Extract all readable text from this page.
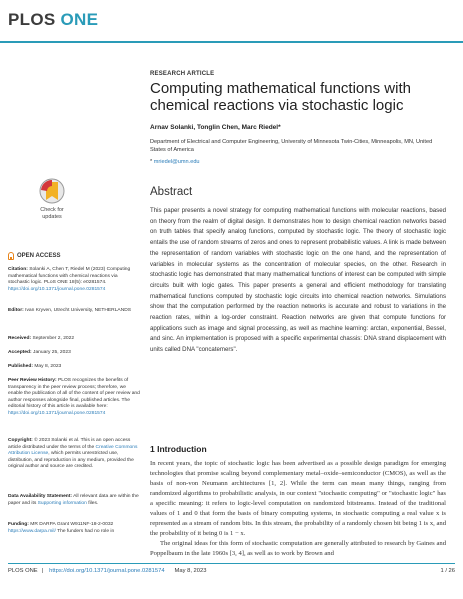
PLOS ONE
RESEARCH ARTICLE
Computing mathematical functions with chemical reactions via stochastic logic
Arnav Solanki, Tonglin Chen, Marc Riedel*
Department of Electrical and Computer Engineering, University of Minnesota Twin-Cities, Minneapolis, MN, United States of America
* mriedel@umn.edu
Abstract
This paper presents a novel strategy for computing mathematical functions with molecular reactions, based on theory from the realm of digital design. It demonstrates how to design chemical reaction networks based on truth tables that specify analog functions, computed by stochastic logic. The theory of stochastic logic entails the use of random streams of zeros and ones to represent probabilistic values. A link is made between the representation of random variables with stochastic logic on the one hand, and the representation of variables in molecular systems as the concentration of molecular species, on the other. Research in stochastic logic has demonstrated that many mathematical functions of interest can be computed with simple circuits built with logic gates. This paper presents a general and efficient methodology for translating mathematical functions computed by stochastic logic circuits into chemical reaction networks. Simulations show that the computation performed by the reaction networks is accurate and robust to variations in the reaction rates, within a log-order constraint. Reaction networks are given that compute functions for applications such as image and signal processing, as well as machine learning: arctan, exponential, Bessel, and sinc. An implementation is proposed with a specific experimental chassis: DNA strand displacement with units called DNA "concatemers".
Check for
updates
OPEN ACCESS
Citation: Solanki A, Chen T, Riedel M (2023) Computing mathematical functions with chemical reactions via stochastic logic. PLoS ONE 18(5): e0281574. https://doi.org/10.1371/journal.pone.0281574
Editor: Ivan Kryven, Utrecht University, NETHERLANDS
Received: September 2, 2022
Accepted: January 25, 2023
Published: May 8, 2023
Peer Review History: PLOS recognizes the benefits of transparency in the peer review process; therefore, we enable the publication of all of the content of peer review and author responses alongside final, published articles. The editorial history of this article is available here: https://doi.org/10.1371/journal.pone.0281574
Copyright: © 2023 Solanki et al. This is an open access article distributed under the terms of the Creative Commons Attribution License, which permits unrestricted use, distribution, and reproduction in any medium, provided the original author and source are credited.
Data Availability Statement: All relevant data are within the paper and its Supporting information files.
Funding: MR DARPA Grant W911NF-18-2-0032 https://www.darpa.mil/ The funders had no role in
1 Introduction

In recent years, the topic of stochastic logic has been advertised as a possible design paradigm for emerging technologies that promise scaling beyond complementary metal–oxide–semiconductor (CMOS), as well as the basis of non-von Neumann architectures [1, 2]. While the term can mean many things, ranging from randomized algorithms to probabilistic analysis, in our context "stochastic computing" or "stochastic logic" has a specific meaning: it refers to logic-level computation on randomized bitstreams. Instead of the traditional values of 1 and 0 that form the basis of binary computing systems, in stochastic computing a real value x is represented as a stream of random bits. In this stream, the probability of a randomly chosen bit being 1 is x, and the probability of it being 0 is 1 − x.

The original ideas for this form of stochastic computation are generally attributed to research by Gaines and Poppelbaum in the late 1960s [3, 4], as well as to work by Brown and

PLOS ONE | https://doi.org/10.1371/journal.pone.0281574 May 8, 2023	1 / 26
